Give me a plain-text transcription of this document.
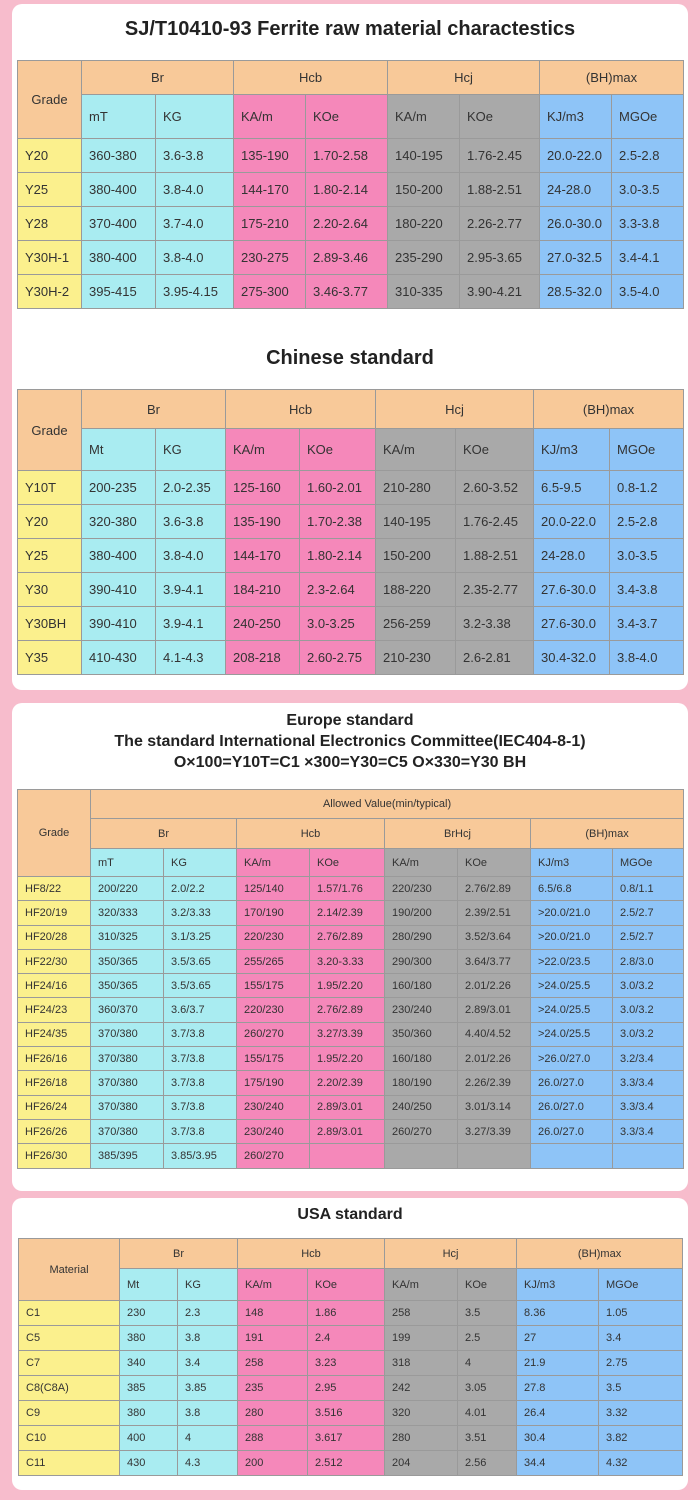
SJ/T10410-93 Ferrite raw material charactestics
Grade	Br		Hcb		Hcj		(BH)max	
	mT	KG	KA/m	KOe	KA/m	KOe	KJ/m3	MGOe
Y20	360-380	3.6-3.8	135-190	1.70-2.58	140-195	1.76-2.45	20.0-22.0	2.5-2.8
Y25	380-400	3.8-4.0	144-170	1.80-2.14	150-200	1.88-2.51	24-28.0	3.0-3.5
Y28	370-400	3.7-4.0	175-210	2.20-2.64	180-220	2.26-2.77	26.0-30.0	3.3-3.8
Y30H-1	380-400	3.8-4.0	230-275	2.89-3.46	235-290	2.95-3.65	27.0-32.5	3.4-4.1
Y30H-2	395-415	3.95-4.15	275-300	3.46-3.77	310-335	3.90-4.21	28.5-32.0	3.5-4.0
Chinese standard
Grade	Br		Hcb		Hcj		(BH)max	
	Mt	KG	KA/m	KOe	KA/m	KOe	KJ/m3	MGOe
Y10T	200-235	2.0-2.35	125-160	1.60-2.01	210-280	2.60-3.52	6.5-9.5	0.8-1.2
Y20	320-380	3.6-3.8	135-190	1.70-2.38	140-195	1.76-2.45	20.0-22.0	2.5-2.8
Y25	380-400	3.8-4.0	144-170	1.80-2.14	150-200	1.88-2.51	24-28.0	3.0-3.5
Y30	390-410	3.9-4.1	184-210	2.3-2.64	188-220	2.35-2.77	27.6-30.0	3.4-3.8
Y30BH	390-410	3.9-4.1	240-250	3.0-3.25	256-259	3.2-3.38	27.6-30.0	3.4-3.7
Y35	410-430	4.1-4.3	208-218	2.60-2.75	210-230	2.6-2.81	30.4-32.0	3.8-4.0
Europe standard
The standard International Electronics Committee(IEC404-8-1)
O×100=Y10T=C1 ×300=Y30=C5 O×330=Y30 BH
Grade	Allowed Value(min/typical)							
	Br		Hcb		BrHcj		(BH)max	
	mT	KG	KA/m	KOe	KA/m	KOe	KJ/m3	MGOe
HF8/22	200/220	2.0/2.2	125/140	1.57/1.76	220/230	2.76/2.89	6.5/6.8	0.8/1.1
HF20/19	320/333	3.2/3.33	170/190	2.14/2.39	190/200	2.39/2.51	>20.0/21.0	2.5/2.7
HF20/28	310/325	3.1/3.25	220/230	2.76/2.89	280/290	3.52/3.64	>20.0/21.0	2.5/2.7
HF22/30	350/365	3.5/3.65	255/265	3.20-3.33	290/300	3.64/3.77	>22.0/23.5	2.8/3.0
HF24/16	350/365	3.5/3.65	155/175	1.95/2.20	160/180	2.01/2.26	>24.0/25.5	3.0/3.2
HF24/23	360/370	3.6/3.7	220/230	2.76/2.89	230/240	2.89/3.01	>24.0/25.5	3.0/3.2
HF24/35	370/380	3.7/3.8	260/270	3.27/3.39	350/360	4.40/4.52	>24.0/25.5	3.0/3.2
HF26/16	370/380	3.7/3.8	155/175	1.95/2.20	160/180	2.01/2.26	>26.0/27.0	3.2/3.4
HF26/18	370/380	3.7/3.8	175/190	2.20/2.39	180/190	2.26/2.39	26.0/27.0	3.3/3.4
HF26/24	370/380	3.7/3.8	230/240	2.89/3.01	240/250	3.01/3.14	26.0/27.0	3.3/3.4
HF26/26	370/380	3.7/3.8	230/240	2.89/3.01	260/270	3.27/3.39	26.0/27.0	3.3/3.4
HF26/30	385/395	3.85/3.95	260/270					
USA standard
Material	Br		Hcb		Hcj		(BH)max	
	Mt	KG	KA/m	KOe	KA/m	KOe	KJ/m3	MGOe
C1	230	2.3	148	1.86	258	3.5	8.36	1.05
C5	380	3.8	191	2.4	199	2.5	27	3.4
C7	340	3.4	258	3.23	318	4	21.9	2.75
C8(C8A)	385	3.85	235	2.95	242	3.05	27.8	3.5
C9	380	3.8	280	3.516	320	4.01	26.4	3.32
C10	400	4	288	3.617	280	3.51	30.4	3.82
C11	430	4.3	200	2.512	204	2.56	34.4	4.32
